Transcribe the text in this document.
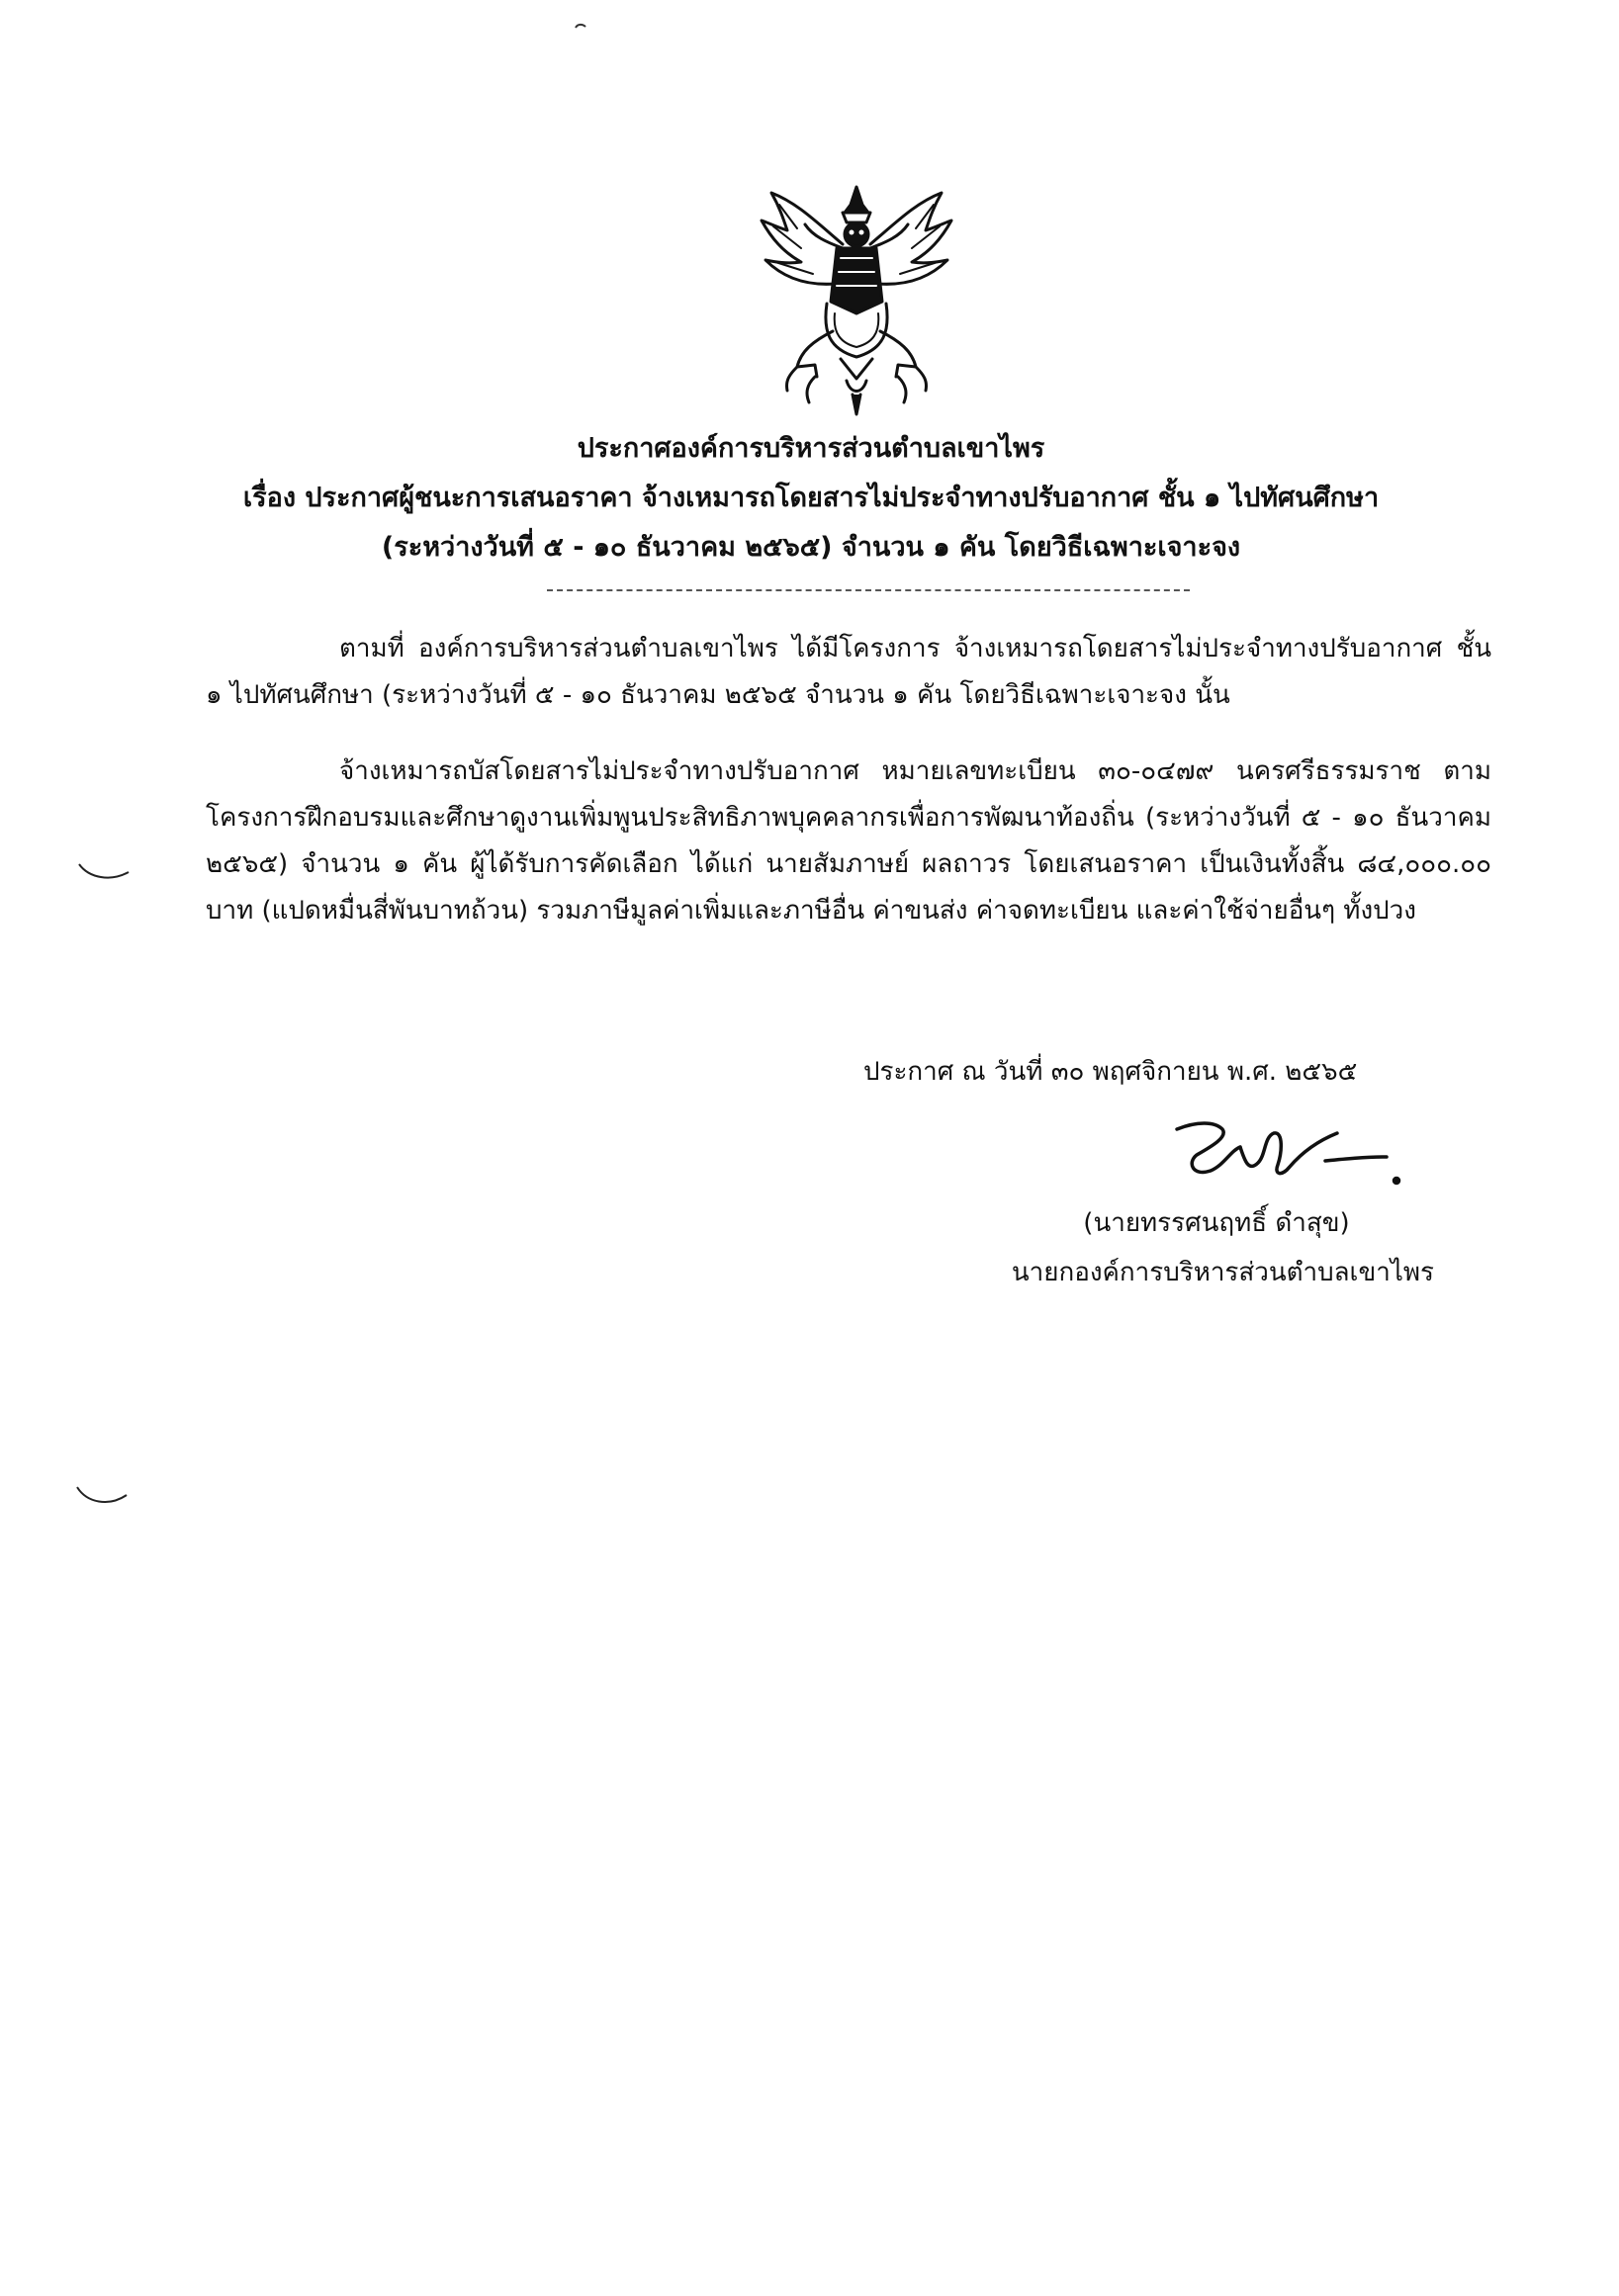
ประกาศองค์การบริหารส่วนตำบลเขาไพร
เรื่อง ประกาศผู้ชนะการเสนอราคา จ้างเหมารถโดยสารไม่ประจำทางปรับอากาศ ชั้น ๑ ไปทัศนศึกษา
(ระหว่างวันที่ ๕ - ๑๐ ธันวาคม ๒๕๖๕) จำนวน ๑ คัน โดยวิธีเฉพาะเจาะจง
ตามที่ องค์การบริหารส่วนตำบลเขาไพร ได้มีโครงการ จ้างเหมารถโดยสารไม่ประจำทางปรับอากาศ ชั้น ๑ ไปทัศนศึกษา (ระหว่างวันที่ ๕ - ๑๐ ธันวาคม ๒๕๖๕ จำนวน ๑ คัน โดยวิธีเฉพาะเจาะจง นั้น
จ้างเหมารถบัสโดยสารไม่ประจำทางปรับอากาศ หมายเลขทะเบียน ๓๐-๐๔๗๙ นครศรีธรรมราช ตามโครงการฝึกอบรมและศึกษาดูงานเพิ่มพูนประสิทธิภาพบุคคลากรเพื่อการพัฒนาท้องถิ่น (ระหว่างวันที่ ๕ - ๑๐ ธันวาคม ๒๕๖๕) จำนวน ๑ คัน ผู้ได้รับการคัดเลือก ได้แก่ นายสัมภาษย์ ผลถาวร โดยเสนอราคา เป็นเงินทั้งสิ้น ๘๔,๐๐๐.๐๐ บาท (แปดหมื่นสี่พันบาทถ้วน) รวมภาษีมูลค่าเพิ่มและภาษีอื่น ค่าขนส่ง ค่าจดทะเบียน และค่าใช้จ่ายอื่นๆ ทั้งปวง
ประกาศ ณ วันที่ ๓๐ พฤศจิกายน พ.ศ. ๒๕๖๕
(นายทรรศนฤทธิ์ ดำสุข)
นายกองค์การบริหารส่วนตำบลเขาไพร
